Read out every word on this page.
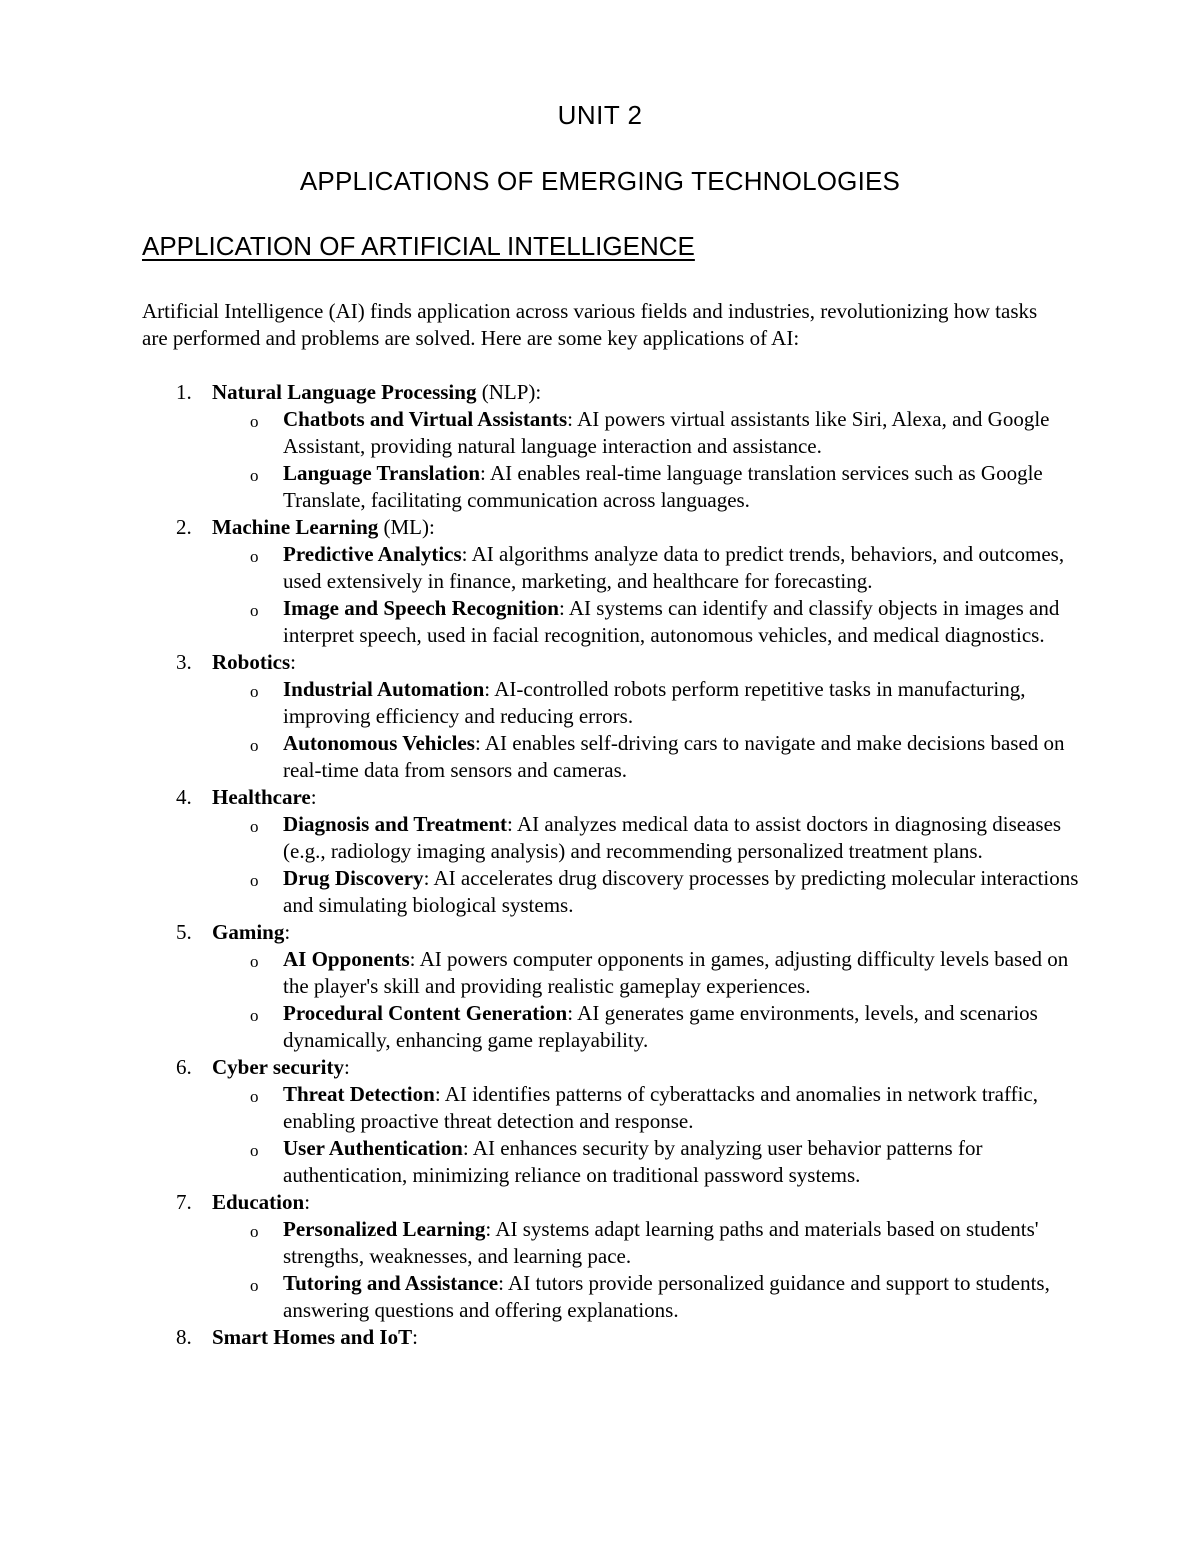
UNIT 2
APPLICATIONS OF EMERGING TECHNOLOGIES
APPLICATION OF ARTIFICIAL INTELLIGENCE

Artificial Intelligence (AI) finds application across various fields and industries, revolutionizing how tasks are performed and problems are solved. Here are some key applications of AI:

1. Natural Language Processing (NLP):
o Chatbots and Virtual Assistants: AI powers virtual assistants like Siri, Alexa, and Google Assistant, providing natural language interaction and assistance.
o Language Translation: AI enables real-time language translation services such as Google Translate, facilitating communication across languages.
2. Machine Learning (ML):
o Predictive Analytics: AI algorithms analyze data to predict trends, behaviors, and outcomes, used extensively in finance, marketing, and healthcare for forecasting.
o Image and Speech Recognition: AI systems can identify and classify objects in images and interpret speech, used in facial recognition, autonomous vehicles, and medical diagnostics.
3. Robotics:
o Industrial Automation: AI-controlled robots perform repetitive tasks in manufacturing, improving efficiency and reducing errors.
o Autonomous Vehicles: AI enables self-driving cars to navigate and make decisions based on real-time data from sensors and cameras.
4. Healthcare:
o Diagnosis and Treatment: AI analyzes medical data to assist doctors in diagnosing diseases (e.g., radiology imaging analysis) and recommending personalized treatment plans.
o Drug Discovery: AI accelerates drug discovery processes by predicting molecular interactions and simulating biological systems.
5. Gaming:
o AI Opponents: AI powers computer opponents in games, adjusting difficulty levels based on the player's skill and providing realistic gameplay experiences.
o Procedural Content Generation: AI generates game environments, levels, and scenarios dynamically, enhancing game replayability.
6. Cyber security:
o Threat Detection: AI identifies patterns of cyberattacks and anomalies in network traffic, enabling proactive threat detection and response.
o User Authentication: AI enhances security by analyzing user behavior patterns for authentication, minimizing reliance on traditional password systems.
7. Education:
o Personalized Learning: AI systems adapt learning paths and materials based on students' strengths, weaknesses, and learning pace.
o Tutoring and Assistance: AI tutors provide personalized guidance and support to students, answering questions and offering explanations.
8. Smart Homes and IoT:
